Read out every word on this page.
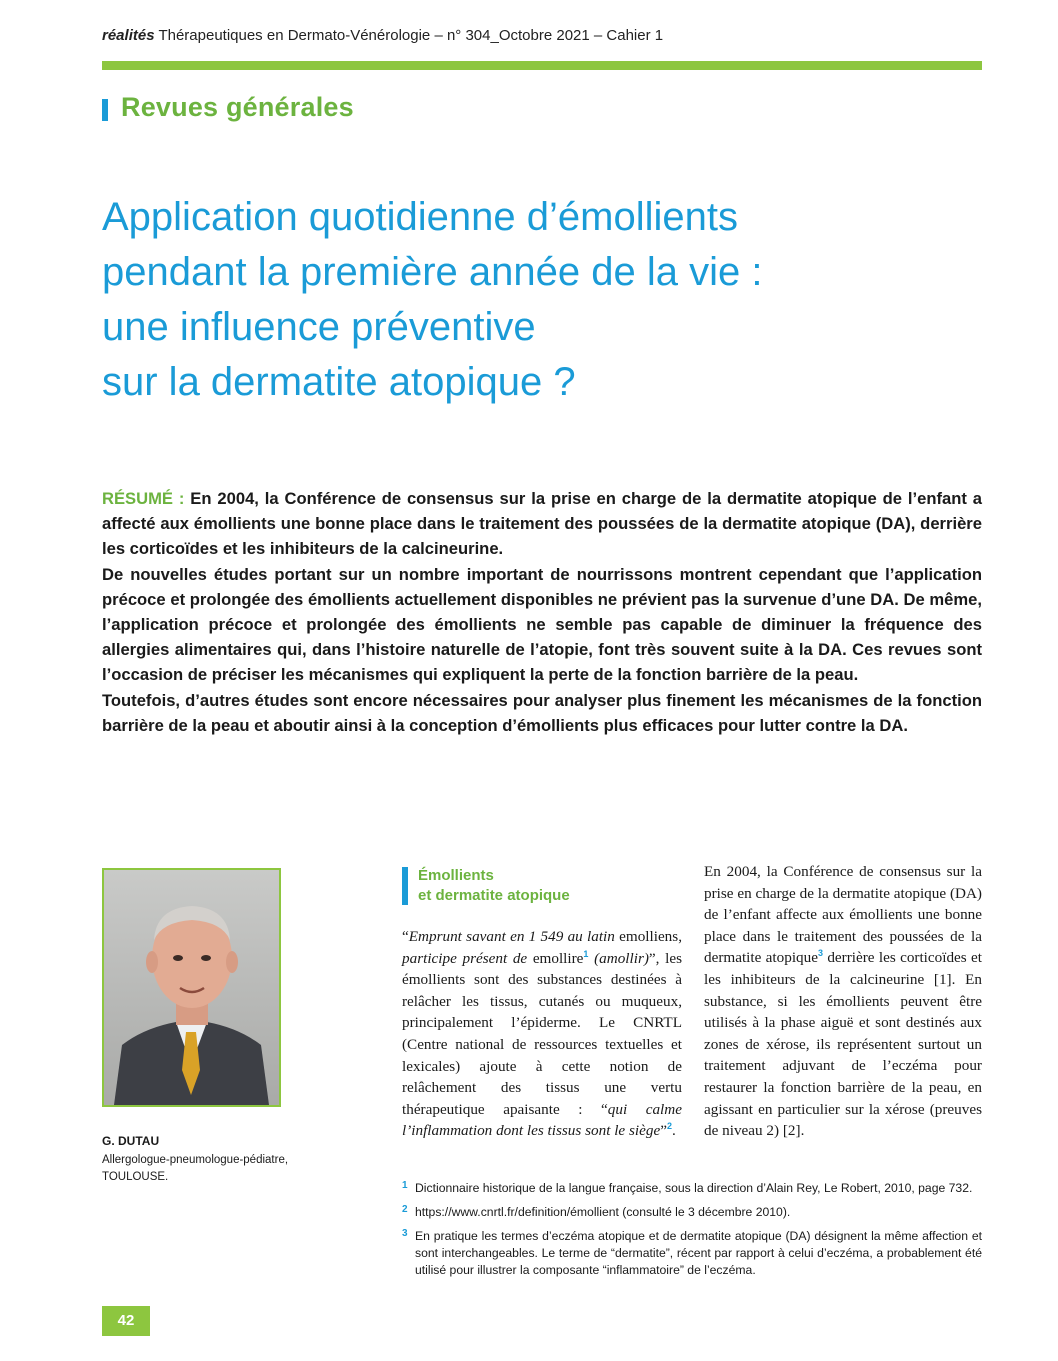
réalités Thérapeutiques en Dermato-Vénérologie – n° 304_Octobre 2021 – Cahier 1
Revues générales
Application quotidienne d’émollients
pendant la première année de la vie :
une influence préventive
sur la dermatite atopique ?

RÉSUMÉ : En 2004, la Conférence de consensus sur la prise en charge de la dermatite atopique de l’enfant a affecté aux émollients une bonne place dans le traitement des poussées de la dermatite atopique (DA), derrière les corticoïdes et les inhibiteurs de la calcineurine.

De nouvelles études portant sur un nombre important de nourrissons montrent cependant que l’application précoce et prolongée des émollients actuellement disponibles ne prévient pas la survenue d’une DA. De même, l’application précoce et prolongée des émollients ne semble pas capable de diminuer la fréquence des allergies alimentaires qui, dans l’histoire naturelle de l’atopie, font très souvent suite à la DA. Ces revues sont l’occasion de préciser les mécanismes qui expliquent la perte de la fonction barrière de la peau.

Toutefois, d’autres études sont encore nécessaires pour analyser plus finement les mécanismes de la fonction barrière de la peau et aboutir ainsi à la conception d’émollients plus efficaces pour lutter contre la DA.

G. DUTAU
Allergologue-pneumologue-pédiatre,
TOULOUSE.
Émollients
et dermatite atopique

“Emprunt savant en 1 549 au latin emolliens, participe présent de emollire$^1$ (amollir)”, les émollients sont des substances destinées à relâcher les tissus, cutanés ou muqueux, principalement l’épiderme. Le CNRTL (Centre national de ressources textuelles et lexicales) ajoute à cette notion de relâchement des tissus une vertu thérapeutique apaisante : “qui calme l’inflammation dont les tissus sont le siège”$^2$.

En 2004, la Conférence de consensus sur la prise en charge de la dermatite atopique (DA) de l’enfant affecte aux émollients une bonne place dans le traitement des poussées de la dermatite atopique$^3$ derrière les corticoïdes et les inhibiteurs de la calcineurine [1]. En substance, si les émollients peuvent être utilisés à la phase aiguë et sont destinés aux zones de xérose, ils représentent surtout un traitement adjuvant de l’eczéma pour restaurer la fonction barrière de la peau, en agissant en particulier sur la xérose (preuves de niveau 2) [2].

1 Dictionnaire historique de la langue française, sous la direction d’Alain Rey, Le Robert, 2010, page 732.

2 https://www.cnrtl.fr/definition/émollient (consulté le 3 décembre 2010).

3 En pratique les termes d’eczéma atopique et de dermatite atopique (DA) désignent la même affection et sont interchangeables. Le terme de “dermatite”, récent par rapport à celui d’eczéma, a probablement été utilisé pour illustrer la composante “inflammatoire” de l’eczéma.

42
